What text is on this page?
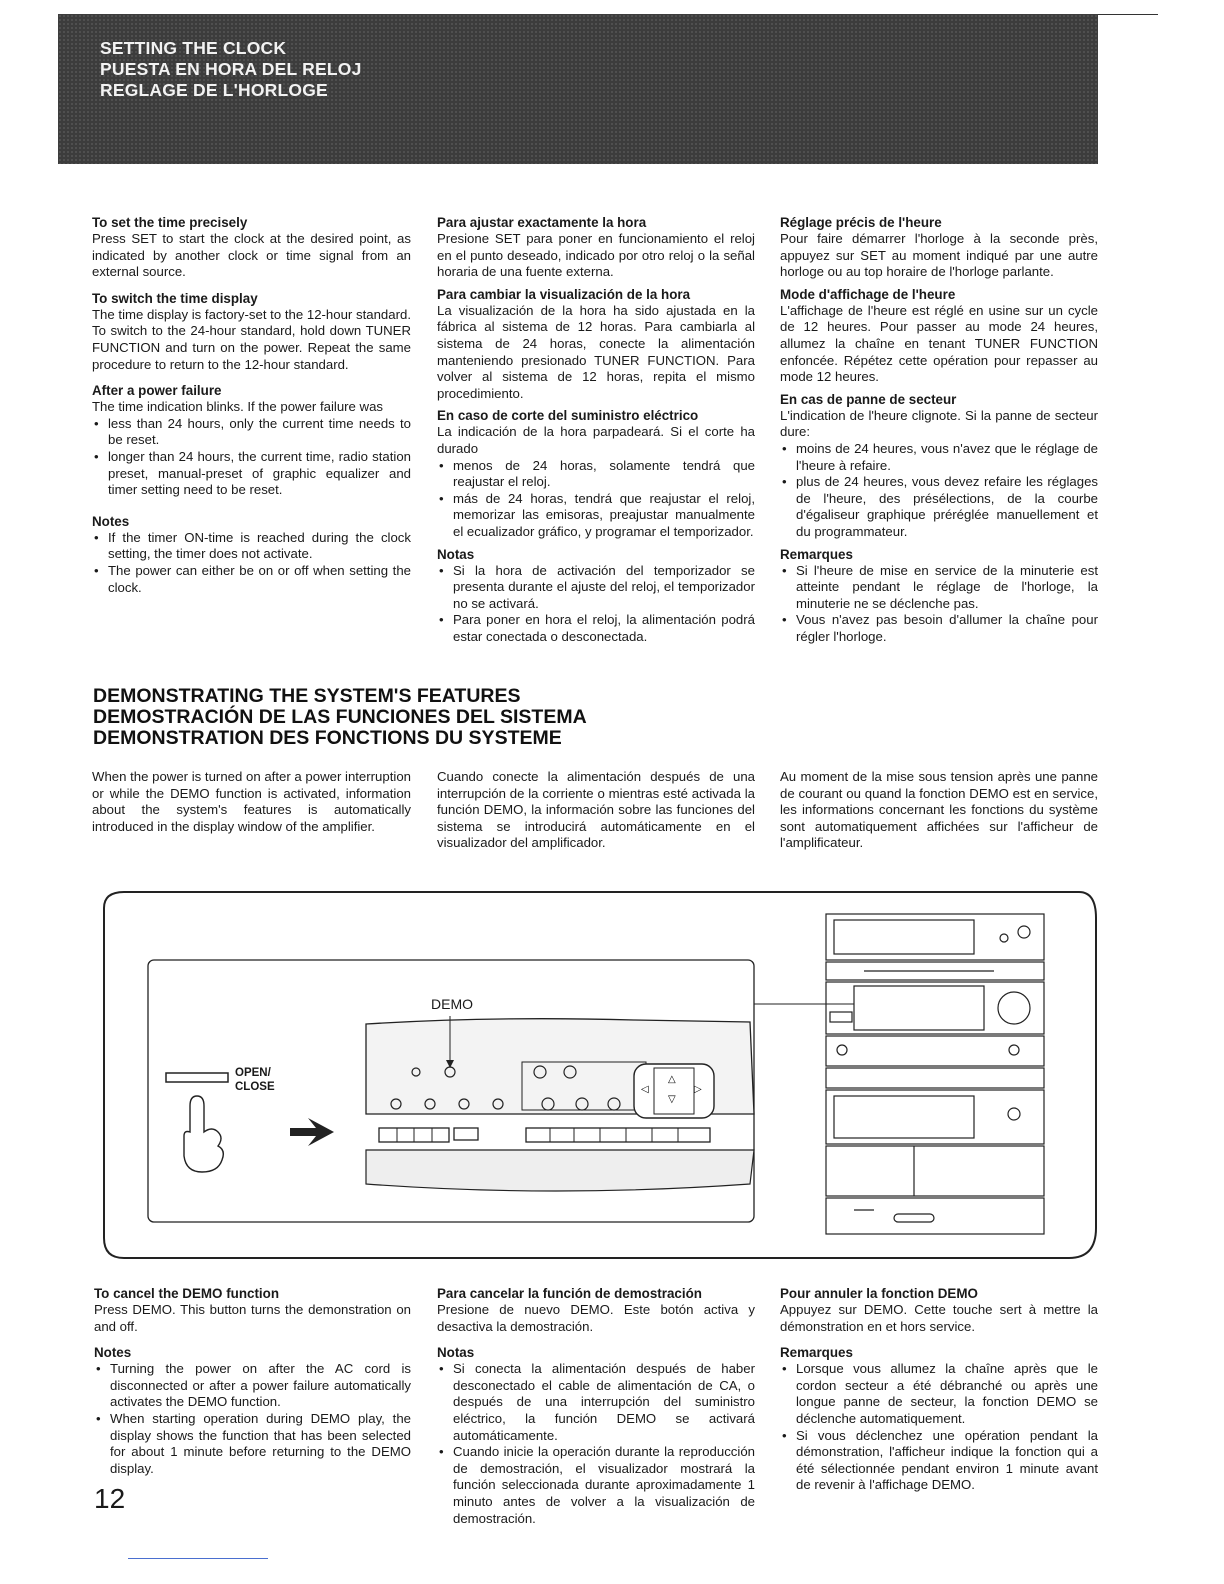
SETTING THE CLOCK
PUESTA EN HORA DEL RELOJ
REGLAGE DE L'HORLOGE
To set the time precisely

Press SET to start the clock at the desired point, as indicated by another clock or time signal from an external source.

To switch the time display

The time display is factory-set to the 12-hour standard. To switch to the 24-hour standard, hold down TUNER FUNCTION and turn on the power. Repeat the same procedure to return to the 12-hour standard.

After a power failure

The time indication blinks. If the power failure was

• less than 24 hours, only the current time needs to be reset.
• longer than 24 hours, the current time, radio station preset, manual-preset of graphic equalizer and timer setting need to be reset.
Notes
• If the timer ON-time is reached during the clock setting, the timer does not activate.
• The power can either be on or off when setting the clock.
Para ajustar exactamente la hora

Presione SET para poner en funcionamiento el reloj en el punto deseado, indicado por otro reloj o la señal horaria de una fuente externa.

Para cambiar la visualización de la hora

La visualización de la hora ha sido ajustada en la fábrica al sistema de 12 horas. Para cambiarla al sistema de 24 horas, conecte la alimentación manteniendo presionado TUNER FUNCTION. Para volver al sistema de 12 horas, repita el mismo procedimiento.

En caso de corte del suministro eléctrico

La indicación de la hora parpadeará. Si el corte ha durado

• menos de 24 horas, solamente tendrá que reajustar el reloj.
• más de 24 horas, tendrá que reajustar el reloj, memorizar las emisoras, preajustar manualmente el ecualizador gráfico, y programar el temporizador.
Notas
• Si la hora de activación del temporizador se presenta durante el ajuste del reloj, el temporizador no se activará.
• Para poner en hora el reloj, la alimentación podrá estar conectada o desconectada.
Réglage précis de l'heure

Pour faire démarrer l'horloge à la seconde près, appuyez sur SET au moment indiqué par une autre horloge ou au top horaire de l'horloge parlante.

Mode d'affichage de l'heure

L'affichage de l'heure est réglé en usine sur un cycle de 12 heures. Pour passer au mode 24 heures, allumez la chaîne en tenant TUNER FUNCTION enfoncée. Répétez cette opération pour repasser au mode 12 heures.

En cas de panne de secteur

L'indication de l'heure clignote. Si la panne de secteur dure:

• moins de 24 heures, vous n'avez que le réglage de l'heure à refaire.
• plus de 24 heures, vous devez refaire les réglages de l'heure, des présélections, de la courbe d'égaliseur graphique préréglée manuellement et du programmateur.
Remarques
• Si l'heure de mise en service de la minuterie est atteinte pendant le réglage de l'horloge, la minuterie ne se déclenche pas.
• Vous n'avez pas besoin d'allumer la chaîne pour régler l'horloge.
DEMONSTRATING THE SYSTEM'S FEATURES
DEMOSTRACIÓN DE LAS FUNCIONES DEL SISTEMA
DEMONSTRATION DES FONCTIONS DU SYSTEME

When the power is turned on after a power interruption or while the DEMO function is activated, information about the system's features is automatically introduced in the display window of the amplifier.

Cuando conecte la alimentación después de una interrupción de la corriente o mientras esté activada la función DEMO, la información sobre las funciones del sistema se introducirá automáticamente en el visualizador del amplificador.

Au moment de la mise sous tension après une panne de courant ou quand la fonction DEMO est en service, les informations concernant les fonctions du système sont automatiquement affichées sur l'afficheur de l'amplificateur.

△
▽
◁	▷
DEMO
OPEN/
CLOSE
To cancel the DEMO function

Press DEMO. This button turns the demonstration on and off.

Notes
• Turning the power on after the AC cord is disconnected or after a power failure automatically activates the DEMO function.
• When starting operation during DEMO play, the display shows the function that has been selected for about 1 minute before returning to the DEMO display.
Para cancelar la función de demostración

Presione de nuevo DEMO. Este botón activa y desactiva la demostración.

Notas
• Si conecta la alimentación después de haber desconectado el cable de alimentación de CA, o después de una interrupción del suministro eléctrico, la función DEMO se activará automáticamente.
• Cuando inicie la operación durante la reproducción de demostración, el visualizador mostrará la función seleccionada durante aproximadamente 1 minuto antes de volver a la visualización de demostración.
Pour annuler la fonction DEMO

Appuyez sur DEMO. Cette touche sert à mettre la démonstration en et hors service.

Remarques
• Lorsque vous allumez la chaîne après que le cordon secteur a été débranché ou après une longue panne de secteur, la fonction DEMO se déclenche automatiquement.
• Si vous déclenchez une opération pendant la démonstration, l'afficheur indique la fonction qui a été sélectionnée pendant environ 1 minute avant de revenir à l'affichage DEMO.
12
